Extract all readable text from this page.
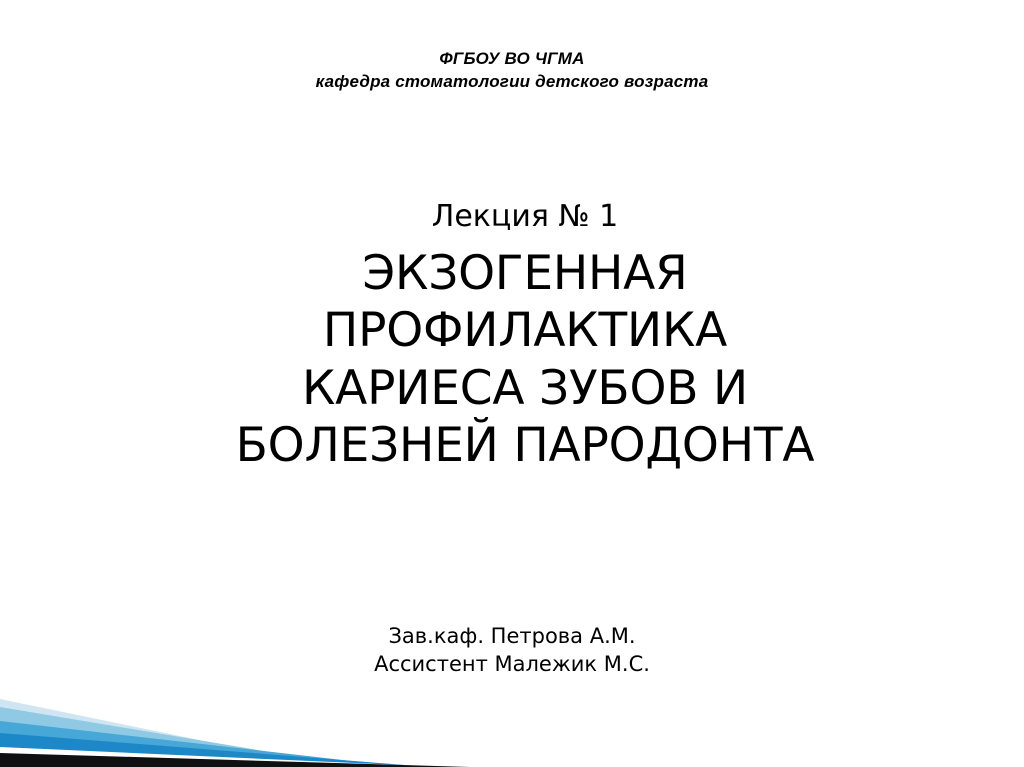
ФГБОУ ВО ЧГМА
кафедра стоматологии детского возраста
Лекция № 1
ЭКЗОГЕННАЯ
ПРОФИЛАКТИКА
КАРИЕСА ЗУБОВ И
БОЛЕЗНЕЙ ПАРОДОНТА
Зав.каф. Петрова А.М.
Ассистент Малежик М.С.
